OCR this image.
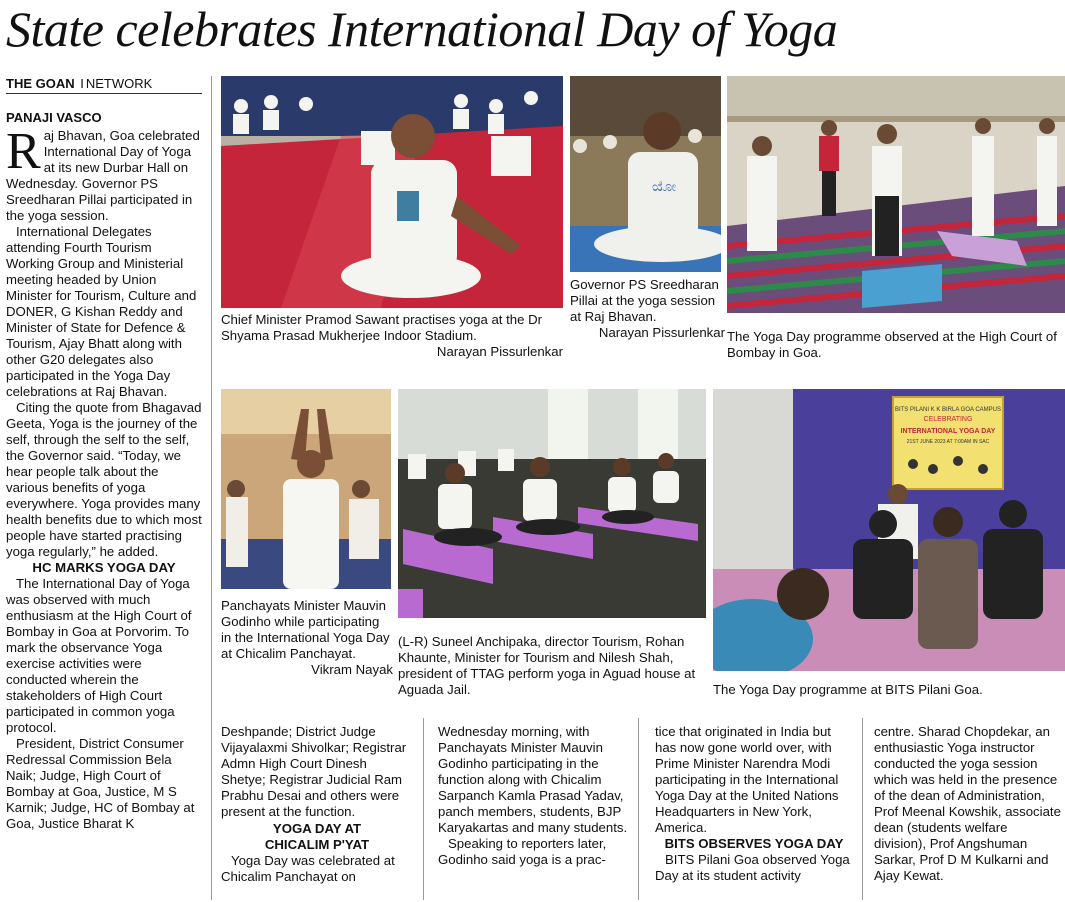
State celebrates International Day of Yoga
THE GOAN I NETWORK
PANAJI VASCO

Raj Bhavan, Goa celebrated International Day of Yoga at its new Durbar Hall on Wednesday. Governor PS Sreedharan Pillai participated in the yoga session.

International Delegates attending Fourth Tourism Working Group and Ministerial meeting headed by Union Minister for Tourism, Culture and DONER, G Kishan Reddy and Minister of State for Defence & Tourism, Ajay Bhatt along with other G20 delegates also participated in the Yoga Day celebrations at Raj Bhavan.

Citing the quote from Bhagavad Geeta, Yoga is the journey of the self, through the self to the self, the Governor said. “Today, we hear people talk about the various benefits of yoga everywhere. Yoga provides many health benefits due to which most people have started practising yoga regularly,” he added.

HC MARKS YOGA DAY

The International Day of Yoga was observed with much enthusiasm at the High Court of Bombay in Goa at Porvorim. To mark the observance Yoga exercise activities were conducted wherein the stakeholders of High Court participated in common yoga protocol.

President, District Consumer Redressal Commission Bela Naik; Judge, High Court of Bombay at Goa, Justice, M S Karnik; Judge, HC of Bombay at Goa, Justice Bharat K

Chief Minister Pramod Sawant practises yoga at the Dr Shyama Prasad Mukherjee Indoor Stadium.
Narayan Pissurlenkar
ಯೋ
Governor PS Sreedharan Pillai at the yoga session at Raj Bhavan.
Narayan Pissurlenkar The Yoga Day programme observed at the High Court of Bombay in Goa.
Panchayats Minister Mauvin Godinho while participating in the International Yoga Day at Chicalim Panchayat.
Vikram Nayak
(L-R) Suneel Anchipaka, director Tourism, Rohan Khaunte, Minister for Tourism and Nilesh Shah, president of TTAG perform yoga in Aguad house at Aguada Jail.
BITS PILANI K K BIRLA GOA CAMPUS
CELEBRATING
INTERNATIONAL YOGA DAY
21ST JUNE 2023 AT 7:00AM IN SAC
The Yoga Day programme at BITS Pilani Goa.

Deshpande; District Judge Vijayalaxmi Shivolkar; Registrar Admn High Court Dinesh Shetye; Registrar Judicial Ram Prabhu Desai and others were present at the function.

YOGA DAY AT
CHICALIM P'YAT

Yoga Day was celebrated at Chicalim Panchayat on

Wednesday morning, with Panchayats Minister Mauvin Godinho participating in the function along with Chicalim Sarpanch Kamla Prasad Yadav, panch members, students, BJP Karyakartas and many students.

Speaking to reporters later, Godinho said yoga is a prac-

tice that originated in India but has now gone world over, with Prime Minister Narendra Modi participating in the International Yoga Day at the United Nations Headquarters in New York, America.

BITS OBSERVES YOGA DAY

BITS Pilani Goa observed Yoga Day at its student activity

centre. Sharad Chopdekar, an enthusiastic Yoga instructor conducted the yoga session which was held in the presence of the dean of Administration, Prof Meenal Kowshik, associate dean (students welfare division), Prof Angshuman Sarkar, Prof D M Kulkarni and Ajay Kewat.
